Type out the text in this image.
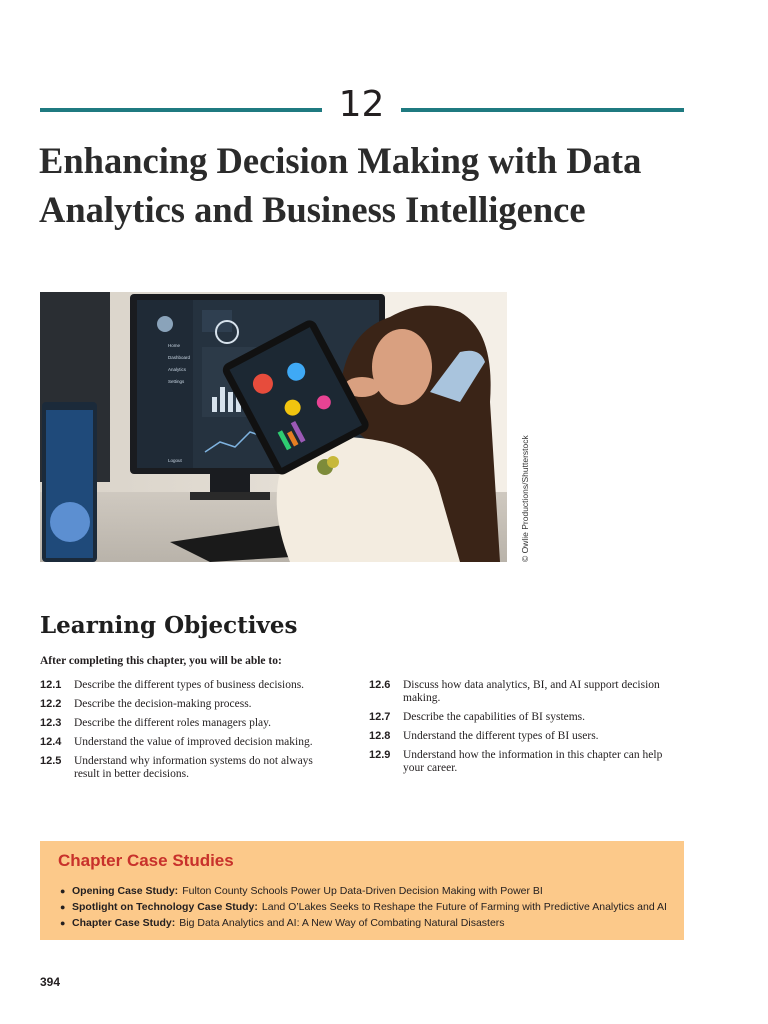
12
Enhancing Decision Making with Data
Analytics and Business Intelligence
Home
Dashboard
Analytics
Settings
Logout	© Owlie Productions/Shutterstock
Learning Objectives

After completing this chapter, you will be able to:

12.1	Describe the different types of business decisions.
12.2	Describe the decision-making process.
12.3	Describe the different roles managers play.
12.4	Understand the value of improved decision making.
12.5	Understand why information systems do not always result in better decisions.
12.6	Discuss how data analytics, BI, and AI support decision making.
12.7	Describe the capabilities of BI systems.
12.8	Understand the different types of BI users.
12.9	Understand how the information in this chapter can help your career.
Chapter Case Studies
● Opening Case Study: Fulton County Schools Power Up Data-Driven Decision Making with Power BI
● Spotlight on Technology Case Study: Land O’Lakes Seeks to Reshape the Future of Farming with Predictive Analytics and AI
● Chapter Case Study: Big Data Analytics and AI: A New Way of Combating Natural Disasters
394
